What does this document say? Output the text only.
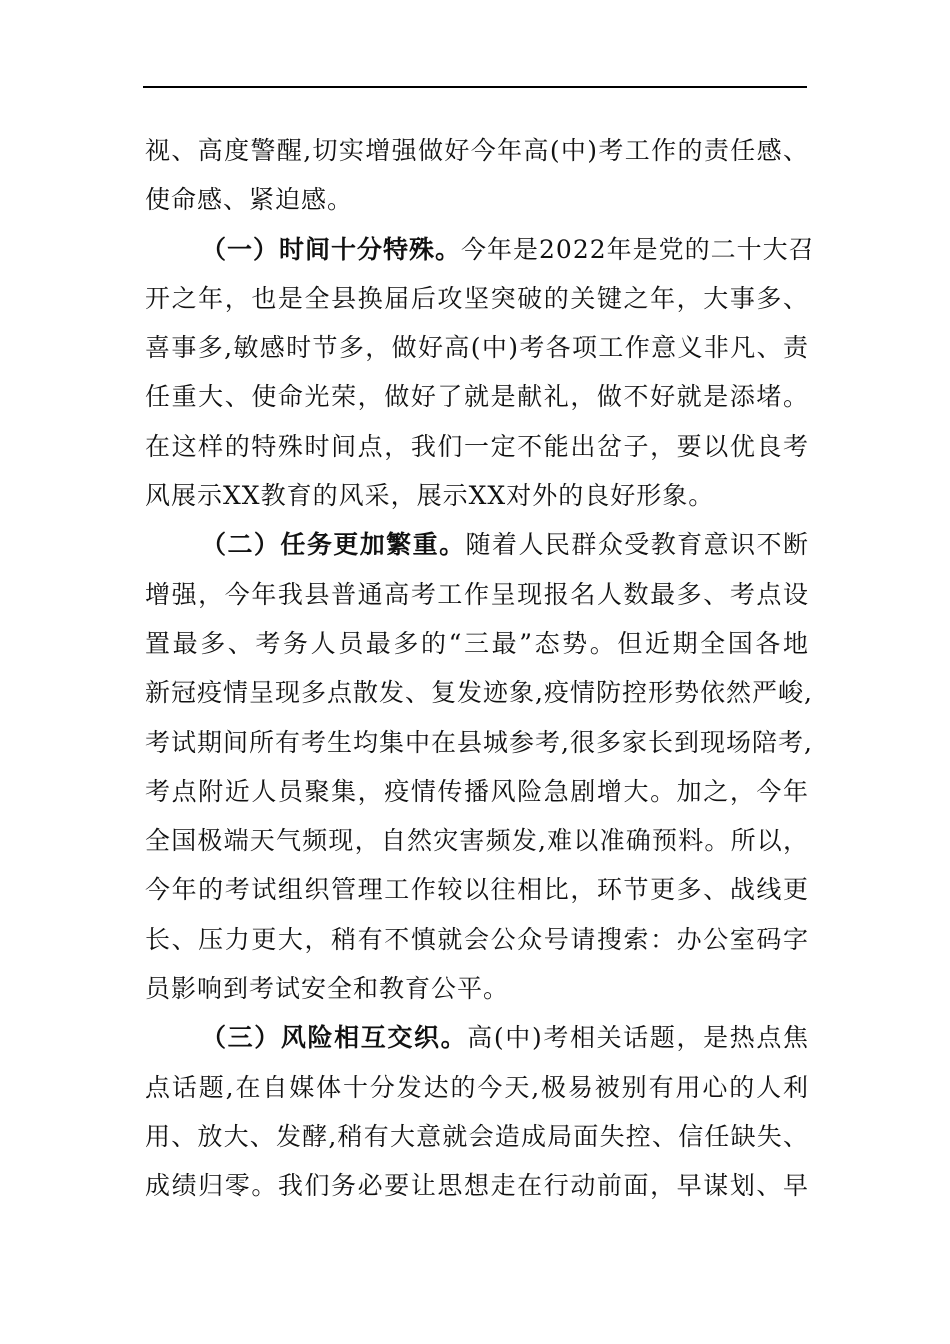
视、高度警醒,切实增强做好今年高(中)考工作的责任感、
使命感、紧迫感。
（一）时间十分特殊。今年是2022年是党的二十大召
开之年，也是全县换届后攻坚突破的关键之年，大事多、
喜事多,敏感时节多，做好高(中)考各项工作意义非凡、责
任重大、使命光荣，做好了就是献礼，做不好就是添堵。
在这样的特殊时间点，我们一定不能出岔子，要以优良考
风展示XX教育的风采，展示XX对外的良好形象。
（二）任务更加繁重。随着人民群众受教育意识不断
增强，今年我县普通高考工作呈现报名人数最多、考点设
置最多、考务人员最多的“三最”态势。但近期全国各地
新冠疫情呈现多点散发、复发迹象,疫情防控形势依然严峻,
考试期间所有考生均集中在县城参考,很多家长到现场陪考,
考点附近人员聚集，疫情传播风险急剧增大。加之，今年
全国极端天气频现，自然灾害频发,难以准确预料。所以，
今年的考试组织管理工作较以往相比，环节更多、战线更
长、压力更大，稍有不慎就会公众号请搜索：办公室码字
员影响到考试安全和教育公平。
（三）风险相互交织。高(中)考相关话题，是热点焦
点话题,在自媒体十分发达的今天,极易被别有用心的人利
用、放大、发酵,稍有大意就会造成局面失控、信任缺失、
成绩归零。我们务必要让思想走在行动前面，早谋划、早
